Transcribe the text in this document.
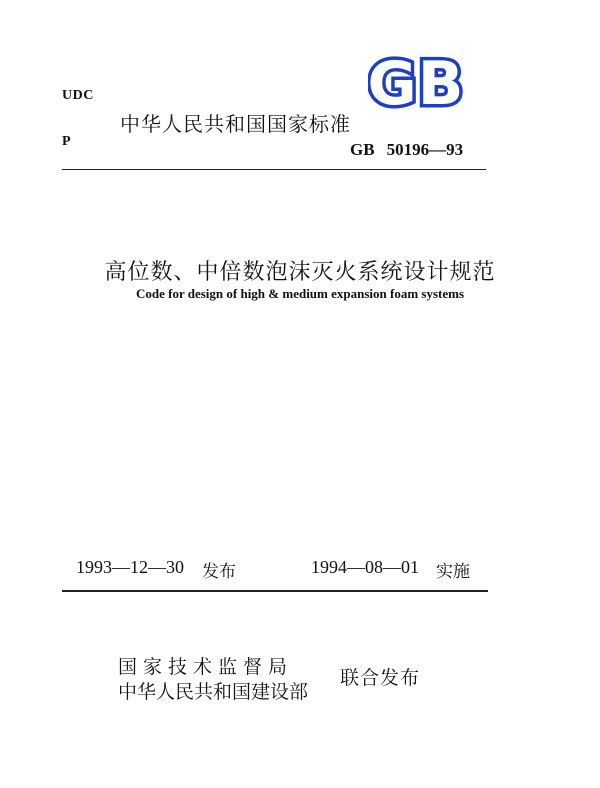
UDC
P
GB
中华人民共和国国家标准
GB 50196—93
高位数、中倍数泡沫灭火系统设计规范
Code for design of high & medium expansion foam systems
1993—12—30 发布	1994—08—01 实施
国家技术监督局
中华人民共和国建设部
联合发布
